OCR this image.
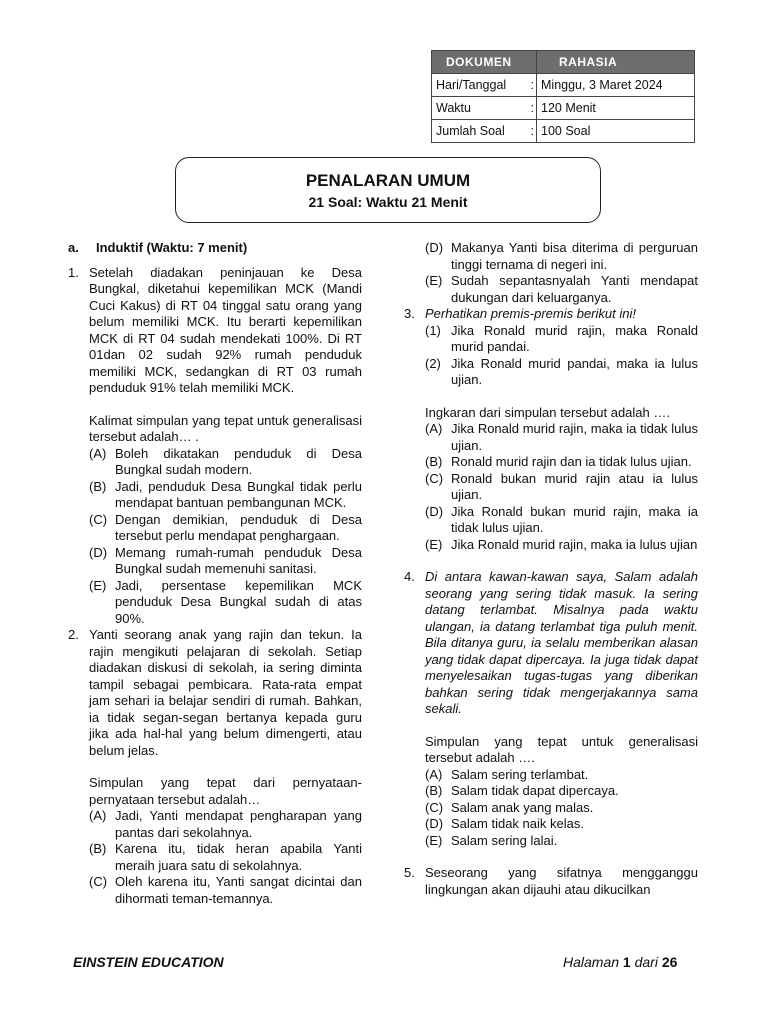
DOKUMEN		RAHASIA
Hari/Tanggal	:	Minggu, 3 Maret 2024
Waktu	:	120 Menit
Jumlah Soal	:	100 Soal
PENALARAN UMUM
21 Soal: Waktu 21 Menit
a. Induktif (Waktu: 7 menit)
1. Setelah diadakan peninjauan ke Desa Bungkal, diketahui kepemilikan MCK (Mandi Cuci Kakus) di RT 04 tinggal satu orang yang belum memiliki MCK. Itu berarti kepemilikan MCK di RT 04 sudah mendekati 100%. Di RT 01dan 02 sudah 92% rumah penduduk memiliki MCK, sedangkan di RT 03 rumah penduduk 91% telah memiliki MCK.
Kalimat simpulan yang tepat untuk generalisasi tersebut adalah… .
(A) Boleh dikatakan penduduk di Desa Bungkal sudah modern.
(B) Jadi, penduduk Desa Bungkal tidak perlu mendapat bantuan pembangunan MCK.
(C) Dengan demikian, penduduk di Desa tersebut perlu mendapat penghargaan.
(D) Memang rumah-rumah penduduk Desa Bungkal sudah memenuhi sanitasi.
(E) Jadi, persentase kepemilikan MCK penduduk Desa Bungkal sudah di atas 90%.
2. Yanti seorang anak yang rajin dan tekun. Ia rajin mengikuti pelajaran di sekolah. Setiap diadakan diskusi di sekolah, ia sering diminta tampil sebagai pembicara. Rata-rata empat jam sehari ia belajar sendiri di rumah. Bahkan, ia tidak segan-segan bertanya kepada guru jika ada hal-hal yang belum dimengerti, atau belum jelas.
Simpulan yang tepat dari pernyataan-pernyataan tersebut adalah…
(A) Jadi, Yanti mendapat pengharapan yang pantas dari sekolahnya.
(B) Karena itu, tidak heran apabila Yanti meraih juara satu di sekolahnya.
(C) Oleh karena itu, Yanti sangat dicintai dan dihormati teman-temannya.
(D) Makanya Yanti bisa diterima di perguruan tinggi ternama di negeri ini.
(E) Sudah sepantasnyalah Yanti mendapat dukungan dari keluarganya.
3. Perhatikan premis-premis berikut ini!
(1) Jika Ronald murid rajin, maka Ronald murid pandai.
(2) Jika Ronald murid pandai, maka ia lulus ujian.
Ingkaran dari simpulan tersebut adalah ….
(A) Jika Ronald murid rajin, maka ia tidak lulus ujian.
(B) Ronald murid rajin dan ia tidak lulus ujian.
(C) Ronald bukan murid rajin atau ia lulus ujian.
(D) Jika Ronald bukan murid rajin, maka ia tidak lulus ujian.
(E) Jika Ronald murid rajin, maka ia lulus ujian
4. Di antara kawan-kawan saya, Salam adalah seorang yang sering tidak masuk. Ia sering datang terlambat. Misalnya pada waktu ulangan, ia datang terlambat tiga puluh menit. Bila ditanya guru, ia selalu memberikan alasan yang tidak dapat dipercaya. Ia juga tidak dapat menyelesaikan tugas-tugas yang diberikan bahkan sering tidak mengerjakannya sama sekali.
Simpulan yang tepat untuk generalisasi tersebut adalah ….
(A) Salam sering terlambat.
(B) Salam tidak dapat dipercaya.
(C) Salam anak yang malas.
(D) Salam tidak naik kelas.
(E) Salam sering lalai.
5. Seseorang yang sifatnya mengganggu lingkungan akan dijauhi atau dikucilkan
EINSTEIN EDUCATION	Halaman 1 dari 26
